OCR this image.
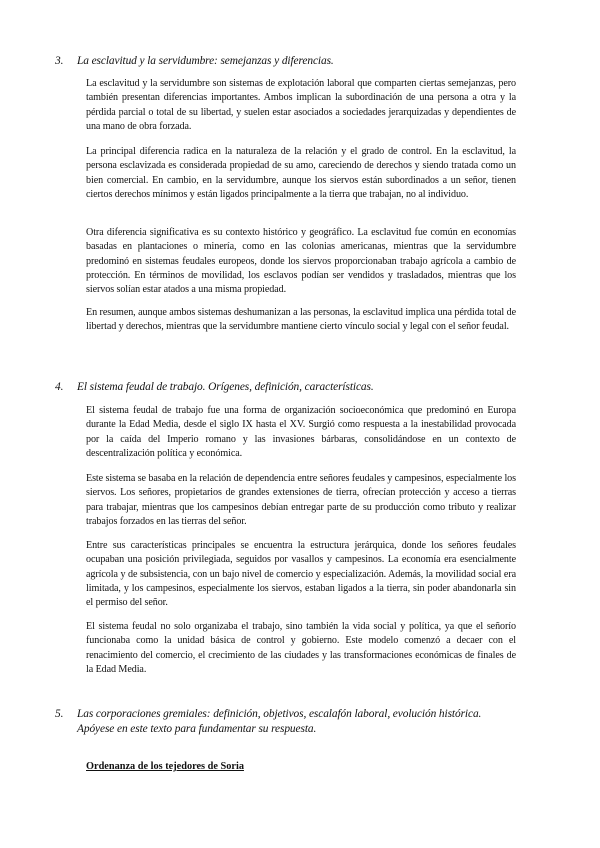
3.	La esclavitud y la servidumbre: semejanzas y diferencias.

La esclavitud y la servidumbre son sistemas de explotación laboral que comparten ciertas semejanzas, pero también presentan diferencias importantes. Ambos implican la subordinación de una persona a otra y la pérdida parcial o total de su libertad, y suelen estar asociados a sociedades jerarquizadas y dependientes de una mano de obra forzada.

La principal diferencia radica en la naturaleza de la relación y el grado de control. En la esclavitud, la persona esclavizada es considerada propiedad de su amo, careciendo de derechos y siendo tratada como un bien comercial. En cambio, en la servidumbre, aunque los siervos están subordinados a un señor, tienen ciertos derechos mínimos y están ligados principalmente a la tierra que trabajan, no al individuo.

Otra diferencia significativa es su contexto histórico y geográfico. La esclavitud fue común en economías basadas en plantaciones o minería, como en las colonias americanas, mientras que la servidumbre predominó en sistemas feudales europeos, donde los siervos proporcionaban trabajo agrícola a cambio de protección. En términos de movilidad, los esclavos podían ser vendidos y trasladados, mientras que los siervos solían estar atados a una misma propiedad.

En resumen, aunque ambos sistemas deshumanizan a las personas, la esclavitud implica una pérdida total de libertad y derechos, mientras que la servidumbre mantiene cierto vínculo social y legal con el señor feudal.

4.	El sistema feudal de trabajo. Orígenes, definición, características.

El sistema feudal de trabajo fue una forma de organización socioeconómica que predominó en Europa durante la Edad Media, desde el siglo IX hasta el XV. Surgió como respuesta a la inestabilidad provocada por la caída del Imperio romano y las invasiones bárbaras, consolidándose en un contexto de descentralización política y económica.

Este sistema se basaba en la relación de dependencia entre señores feudales y campesinos, especialmente los siervos. Los señores, propietarios de grandes extensiones de tierra, ofrecían protección y acceso a tierras para trabajar, mientras que los campesinos debían entregar parte de su producción como tributo y realizar trabajos forzados en las tierras del señor.

Entre sus características principales se encuentra la estructura jerárquica, donde los señores feudales ocupaban una posición privilegiada, seguidos por vasallos y campesinos. La economía era esencialmente agrícola y de subsistencia, con un bajo nivel de comercio y especialización. Además, la movilidad social era limitada, y los campesinos, especialmente los siervos, estaban ligados a la tierra, sin poder abandonarla sin el permiso del señor.

El sistema feudal no solo organizaba el trabajo, sino también la vida social y política, ya que el señorío funcionaba como la unidad básica de control y gobierno. Este modelo comenzó a decaer con el renacimiento del comercio, el crecimiento de las ciudades y las transformaciones económicas de finales de la Edad Media.

5.	Las corporaciones gremiales: definición, objetivos, escalafón laboral, evolución histórica. Apóyese en este texto para fundamentar su respuesta.
Ordenanza de los tejedores de Soria
